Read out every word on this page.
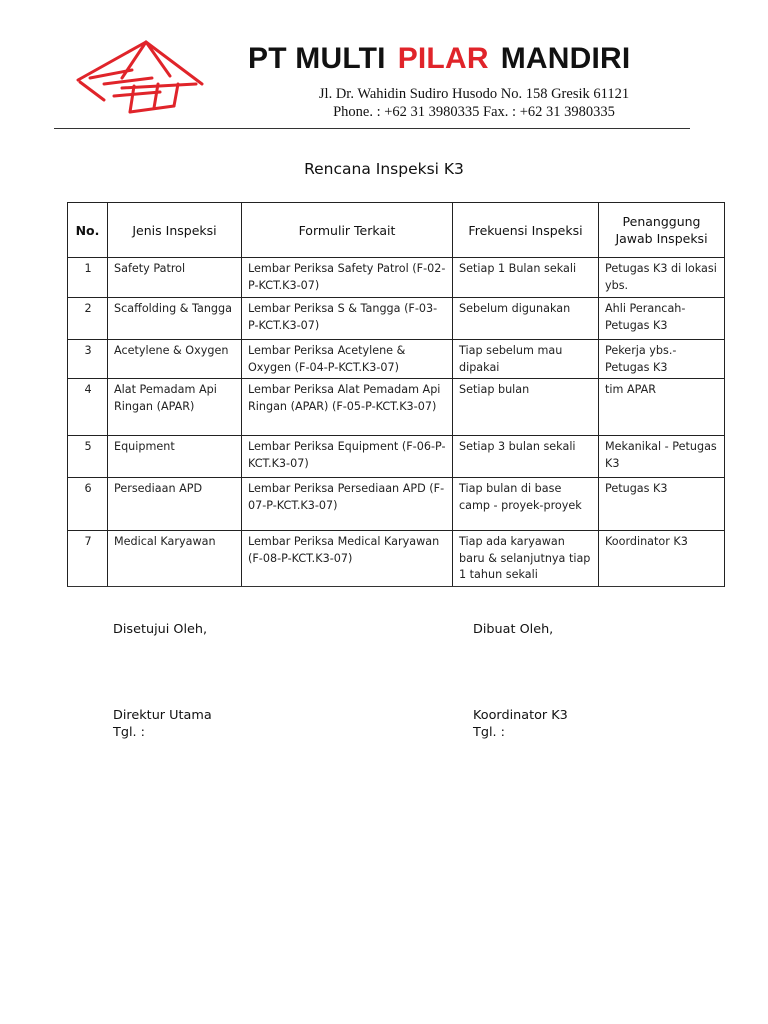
PT MULTI PILAR MANDIRI
Jl. Dr. Wahidin Sudiro Husodo No. 158 Gresik 61121
Phone. : +62 31 3980335 Fax. : +62 31 3980335
Rencana Inspeksi K3
No.	Jenis Inspeksi	Formulir Terkait	Frekuensi Inspeksi	Penanggung Jawab Inspeksi
1	Safety Patrol	Lembar Periksa Safety Patrol (F-02-P-KCT.K3-07)	Setiap 1 Bulan sekali	Petugas K3 di lokasi ybs.
2	Scaffolding & Tangga	Lembar Periksa S & Tangga (F-03-P-KCT.K3-07)	Sebelum digunakan	Ahli Perancah-Petugas K3
3	Acetylene & Oxygen	Lembar Periksa Acetylene & Oxygen (F-04-P-KCT.K3-07)	Tiap sebelum mau dipakai	Pekerja ybs.-Petugas K3
4	Alat Pemadam Api Ringan (APAR)	Lembar Periksa Alat Pemadam Api Ringan (APAR) (F-05-P-KCT.K3-07)	Setiap bulan	tim APAR
5	Equipment	Lembar Periksa Equipment (F-06-P-KCT.K3-07)	Setiap 3 bulan sekali	Mekanikal - Petugas K3
6	Persediaan APD	Lembar Periksa Persediaan APD (F-07-P-KCT.K3-07)	Tiap bulan di base camp - proyek-proyek	Petugas K3
7	Medical Karyawan	Lembar Periksa Medical Karyawan (F-08-P-KCT.K3-07)	Tiap ada karyawan baru & selanjutnya tiap 1 tahun sekali	Koordinator K3
Disetujui Oleh,	Dibuat Oleh,
Direktur Utama
Tgl. :
Koordinator K3
Tgl. :
